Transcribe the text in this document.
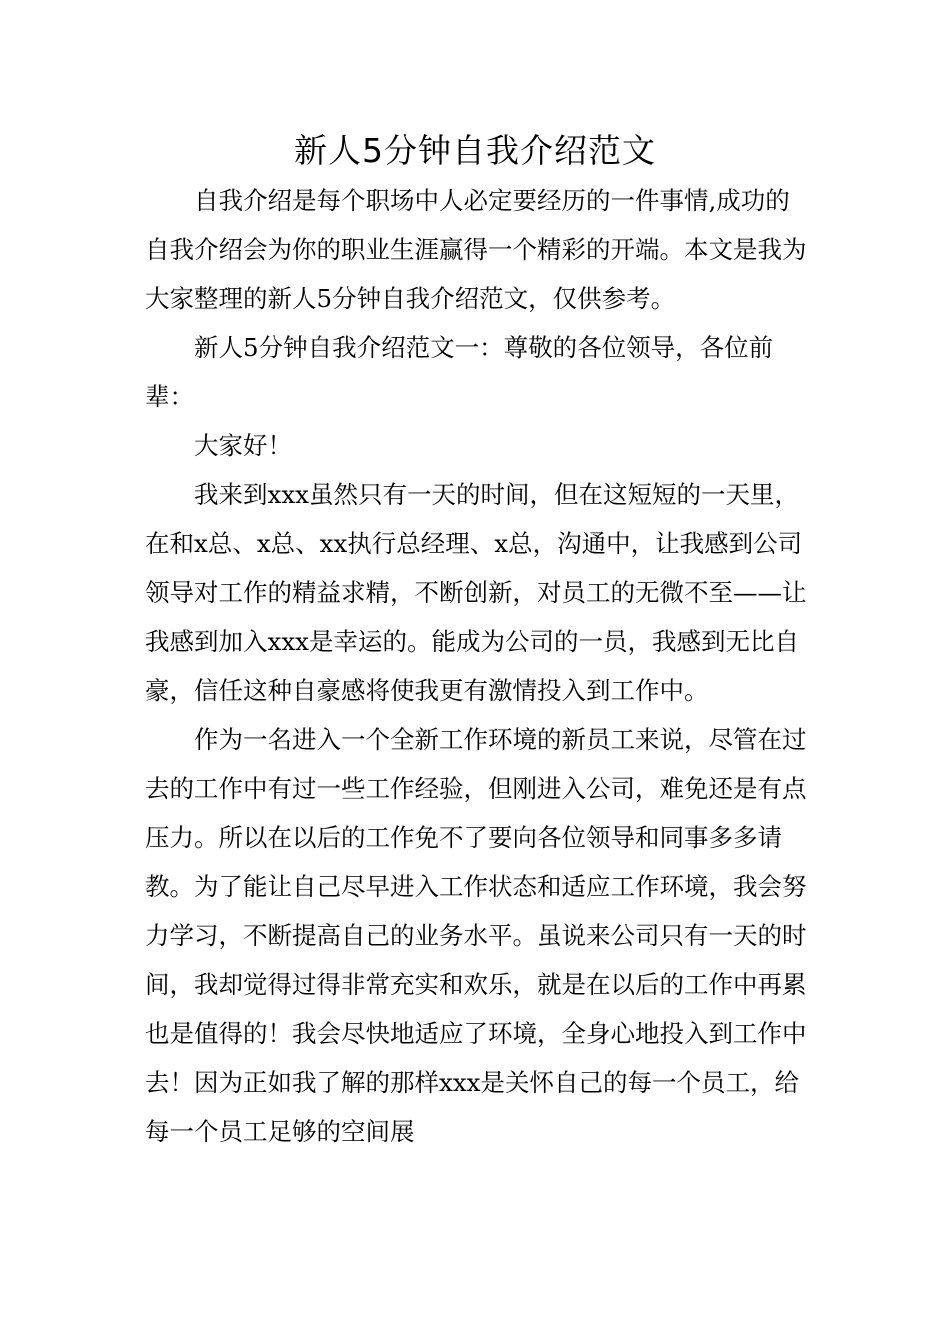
新人5分钟自我介绍范文

自我介绍是每个职场中人必定要经历的一件事情,成功的自我介绍会为你的职业生涯赢得一个精彩的开端。本文是我为大家整理的新人5分钟自我介绍范文，仅供参考。

新人5分钟自我介绍范文一：尊敬的各位领导，各位前辈：

大家好！

我来到xxx虽然只有一天的时间，但在这短短的一天里，在和x总、x总、xx执行总经理、x总，沟通中，让我感到公司领导对工作的精益求精，不断创新，对员工的无微不至——让我感到加入xxx是幸运的。能成为公司的一员，我感到无比自豪，信任这种自豪感将使我更有激情投入到工作中。

作为一名进入一个全新工作环境的新员工来说，尽管在过去的工作中有过一些工作经验，但刚进入公司，难免还是有点压力。所以在以后的工作免不了要向各位领导和同事多多请教。为了能让自己尽早进入工作状态和适应工作环境，我会努力学习，不断提高自己的业务水平。虽说来公司只有一天的时间，我却觉得过得非常充实和欢乐，就是在以后的工作中再累也是值得的！我会尽快地适应了环境，全身心地投入到工作中去！因为正如我了解的那样xxx是关怀自己的每一个员工，给每一个员工足够的空间展
